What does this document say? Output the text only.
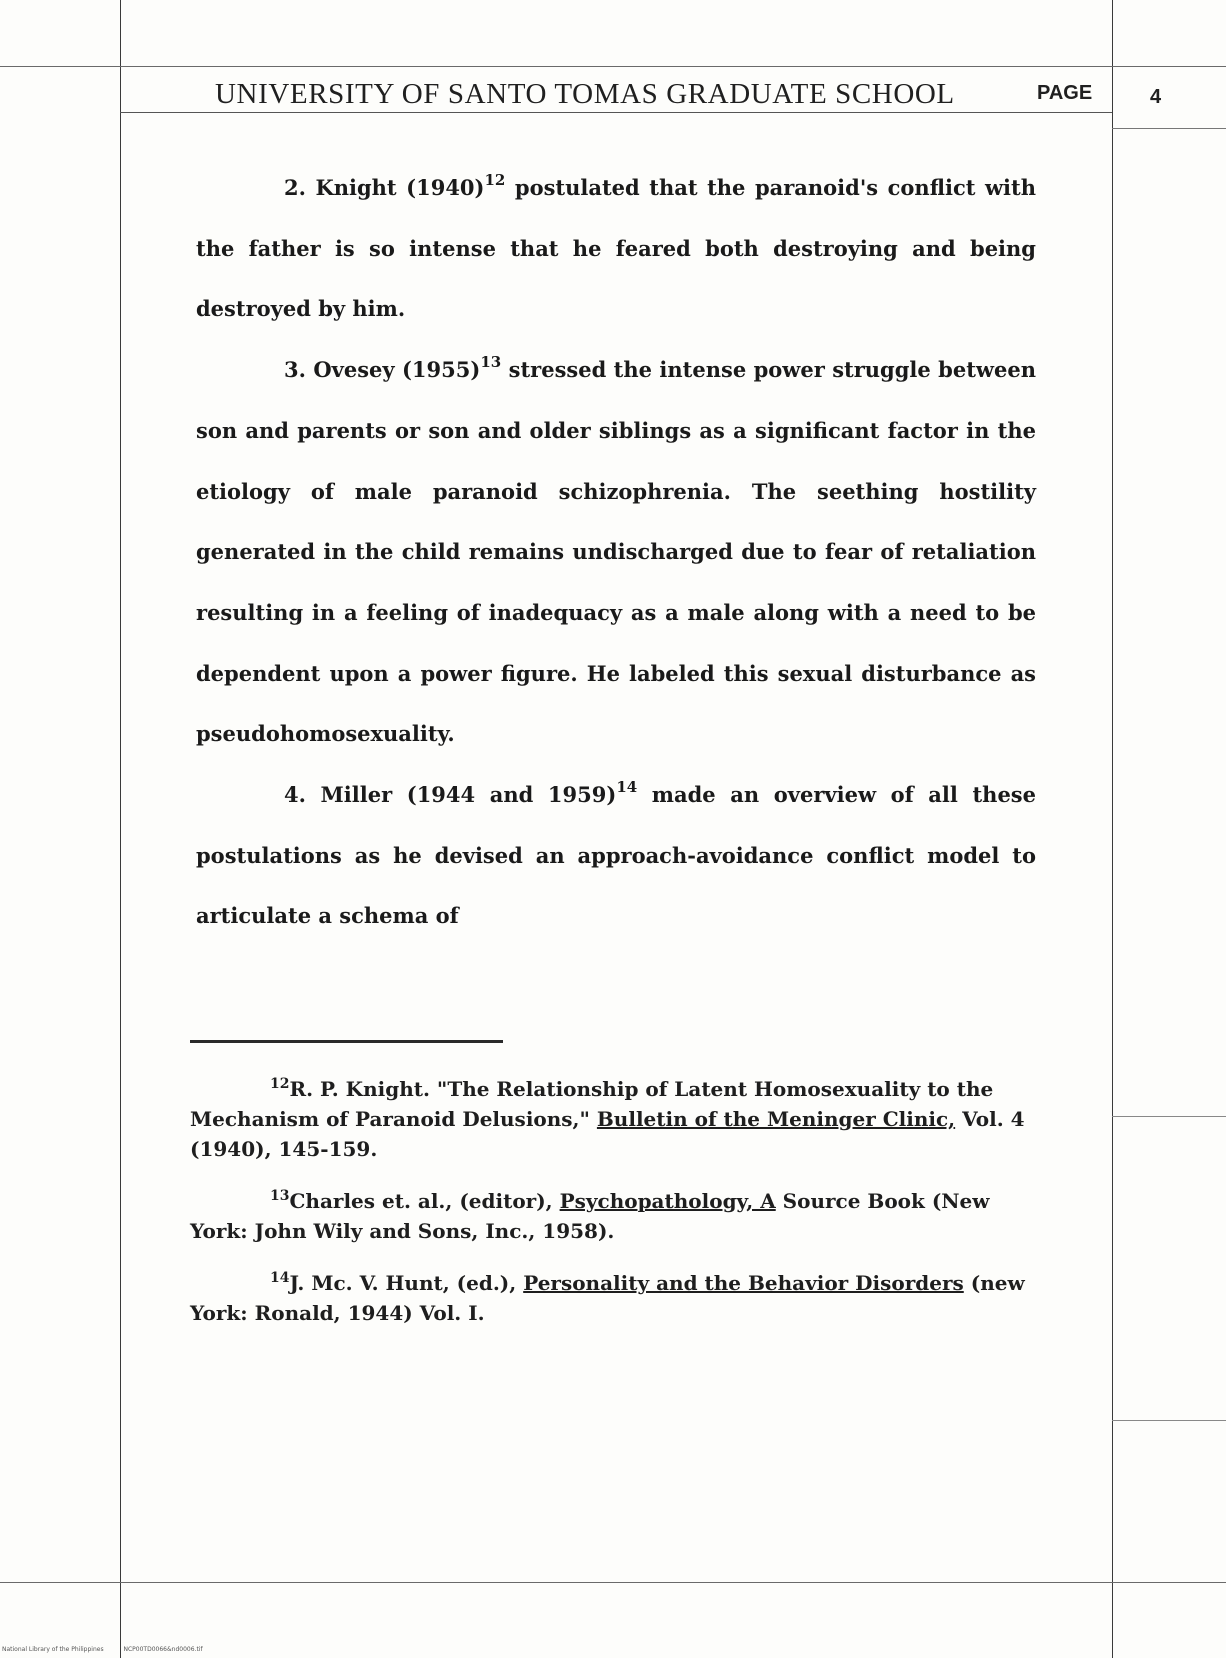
UNIVERSITY OF SANTO TOMAS GRADUATE SCHOOL	PAGE	4

2. Knight $(1940)^{12}$ postulated that the paranoid's conflict with the father is so intense that he feared both destroying and being destroyed by him.

3. Ovesey $(1955)^{13}$ stressed the intense power struggle between son and parents or son and older siblings as a significant factor in the etiology of male paranoid schizophrenia. The seething hostility generated in the child remains undischarged due to fear of retaliation resulting in a feeling of inadequacy as a male along with a need to be dependent upon a power figure. He labeled this sexual disturbance as pseudohomosexuality.

4. Miller (1944 and 1959)$^{14}$ made an overview of all these postulations as he devised an approach-avoidance conflict model to articulate a schema of

$^{12}$R. P. Knight. "The Relationship of Latent Homosexuality to the Mechanism of Paranoid Delusions," Bulletin of the Meninger Clinic, Vol. 4 (1940), 145-159.

$^{13}$Charles et. al., (editor), Psychopathology, A Source Book (New York: John Wily and Sons, Inc., 1958).

$^{14}$J. Mc. V. Hunt, (ed.), Personality and the Behavior Disorders (new York: Ronald, 1944) Vol. I.

National Library of the Philippines	NCP00TD0066&nd0006.tif
